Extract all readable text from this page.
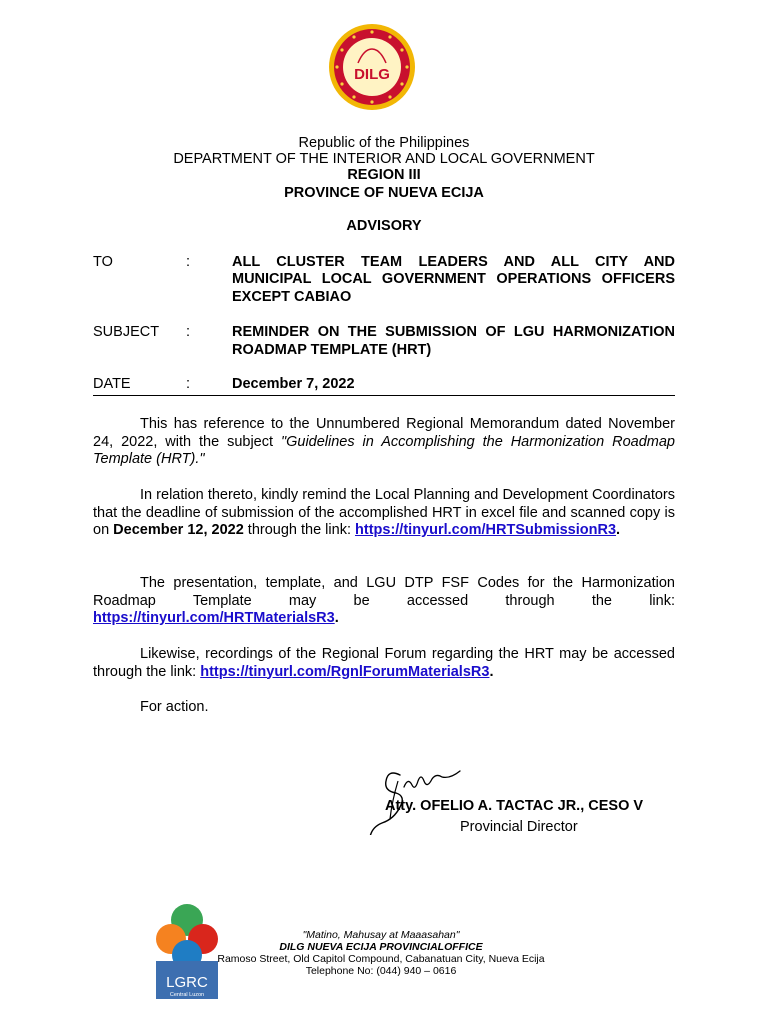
DILG
Republic of the Philippines
DEPARTMENT OF THE INTERIOR AND LOCAL GOVERNMENT
REGION III
PROVINCE OF NUEVA ECIJA
ADVISORY
TO	:	ALL CLUSTER TEAM LEADERS AND ALL CITY AND
MUNICIPAL LOCAL GOVERNMENT OPERATIONS OFFICERS
EXCEPT CABIAO
SUBJECT :	REMINDER ON THE SUBMISSION OF LGU HARMONIZATION
ROADMAP TEMPLATE (HRT)
DATE	:	December 7, 2022
This has reference to the Unnumbered Regional Memorandum dated November 24, 2022, with the subject "Guidelines in Accomplishing the Harmonization Roadmap Template (HRT)."
In relation thereto, kindly remind the Local Planning and Development Coordinators that the deadline of submission of the accomplished HRT in excel file and scanned copy is on December 12, 2022 through the link: https://tinyurl.com/HRTSubmissionR3.
The presentation, template, and LGU DTP FSF Codes for the Harmonization Roadmap Template may be accessed through the link: https://tinyurl.com/HRTMaterialsR3.
Likewise, recordings of the Regional Forum regarding the HRT may be accessed through the link: https://tinyurl.com/RgnlForumMaterialsR3.
For action.
Atty. OFELIO A. TACTAC JR., CESO V
Provincial Director
LGRC
Central Luzon
"Matino, Mahusay at Maaasahan"
DILG NUEVA ECIJA PROVINCIALOFFICE
Ramoso Street, Old Capitol Compound, Cabanatuan City, Nueva Ecija
Telephone No: (044) 940 – 0616
